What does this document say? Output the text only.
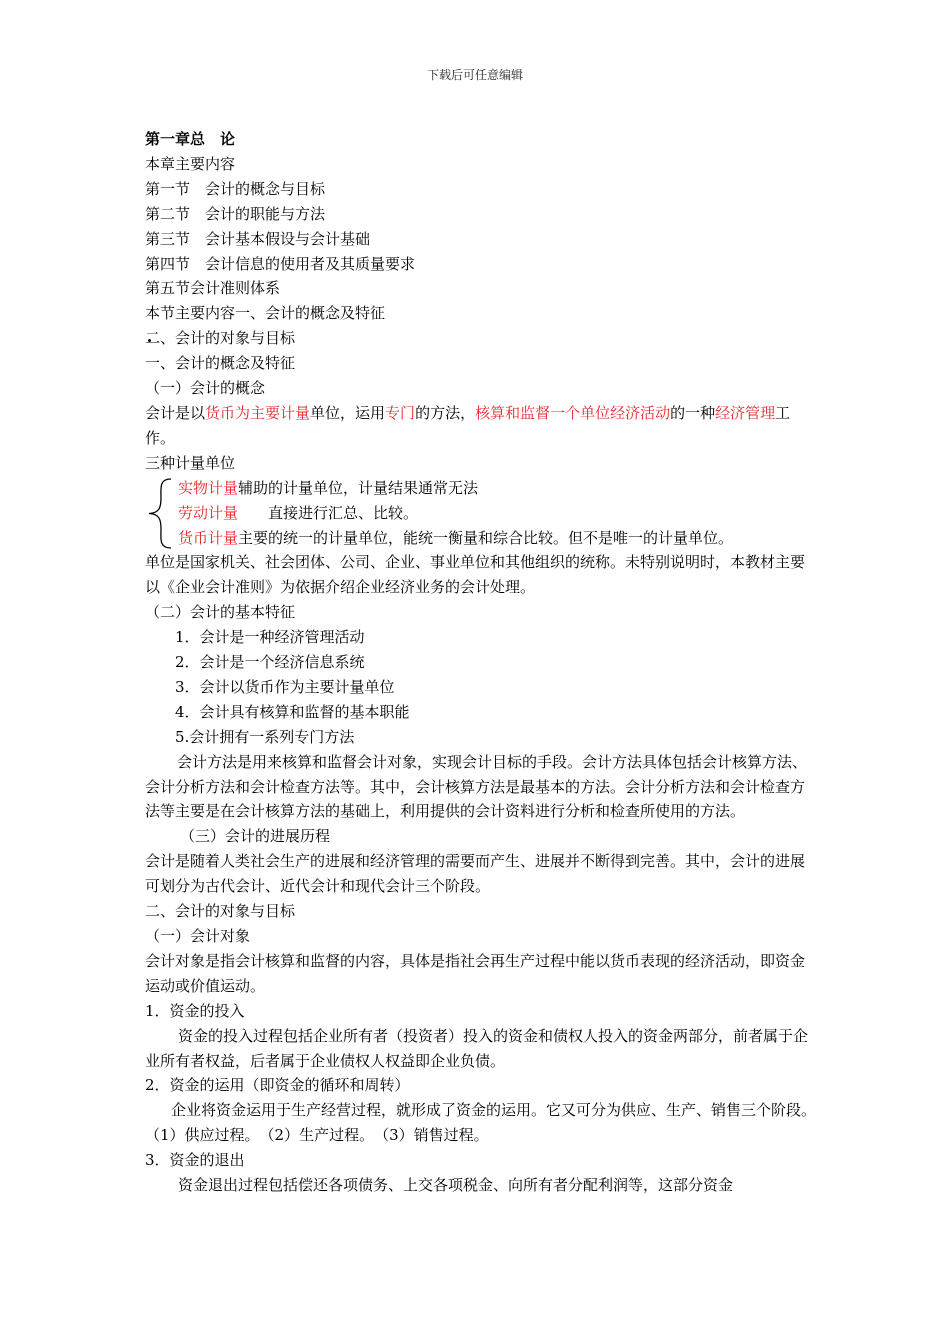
下载后可任意编辑
第一章总　论
本章主要内容
第一节　会计的概念与目标
第二节　会计的职能与方法
第三节　会计基本假设与会计基础
第四节　会计信息的使用者及其质量要求
第五节会计准则体系
本节主要内容一、会计的概念及特征
二、会计的对象与目标
一、会计的概念及特征
（一）会计的概念
会计是以货币为主要计量单位，运用专门的方法，核算和监督一个单位经济活动的一种经济管理工作。
三种计量单位
实物计量辅助的计量单位，计量结果通常无法
劳动计量　　直接进行汇总、比较。
货币计量主要的统一的计量单位，能统一衡量和综合比较。但不是唯一的计量单位。
单位是国家机关、社会团体、公司、企业、事业单位和其他组织的统称。未特别说明时，本教材主要以《企业会计准则》为依据介绍企业经济业务的会计处理。
（二）会计的基本特征
1．会计是一种经济管理活动
2．会计是一个经济信息系统
3．会计以货币作为主要计量单位
4．会计具有核算和监督的基本职能
5.会计拥有一系列专门方法
会计方法是用来核算和监督会计对象，实现会计目标的手段。会计方法具体包括会计核算方法、会计分析方法和会计检查方法等。其中，会计核算方法是最基本的方法。会计分析方法和会计检查方法等主要是在会计核算方法的基础上，利用提供的会计资料进行分析和检查所使用的方法。
（三）会计的进展历程
会计是随着人类社会生产的进展和经济管理的需要而产生、进展并不断得到完善。其中，会计的进展可划分为古代会计、近代会计和现代会计三个阶段。
二、会计的对象与目标
（一）会计对象
会计对象是指会计核算和监督的内容，具体是指社会再生产过程中能以货币表现的经济活动，即资金运动或价值运动。
1．资金的投入
资金的投入过程包括企业所有者（投资者）投入的资金和债权人投入的资金两部分，前者属于企业所有者权益，后者属于企业债权人权益即企业负债。
2．资金的运用（即资金的循环和周转）
企业将资金运用于生产经营过程，就形成了资金的运用。它又可分为供应、生产、销售三个阶段。　（1）供应过程。　（2）生产过程。　（3）销售过程。
3．资金的退出
资金退出过程包括偿还各项债务、上交各项税金、向所有者分配利润等，这部分资金
